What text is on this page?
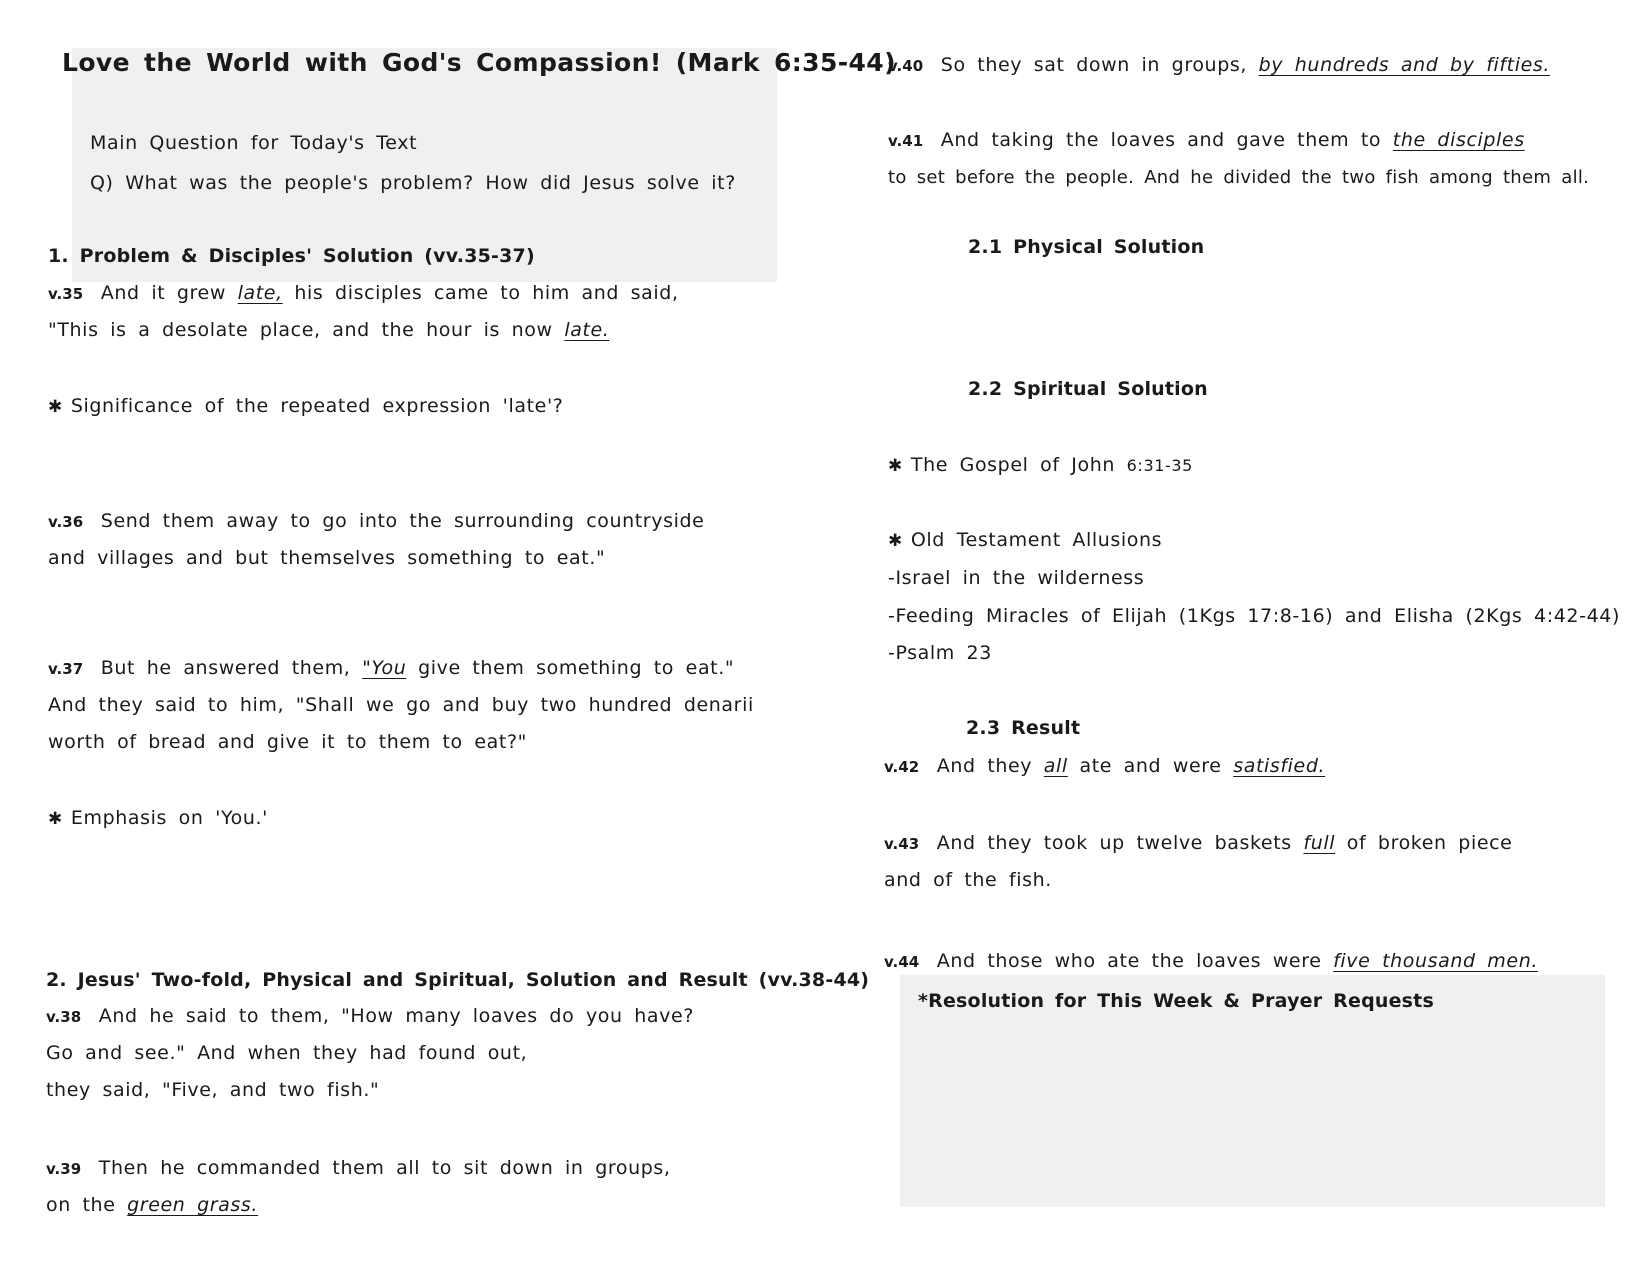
Love the World with God's Compassion! (Mark 6:35-44)
Main Question for Today's Text
Q) What was the people's problem? How did Jesus solve it?
1. Problem & Disciples' Solution (vv.35-37)
v.35 And it grew late, his disciples came to him and said,
"This is a desolate place, and the hour is now late.
✱ Significance of the repeated expression 'late'?
v.36 Send them away to go into the surrounding countryside
and villages and but themselves something to eat."
v.37 But he answered them, "You give them something to eat."
And they said to him, "Shall we go and buy two hundred denarii
worth of bread and give it to them to eat?"
✱ Emphasis on 'You.'
2. Jesus' Two-fold, Physical and Spiritual, Solution and Result (vv.38-44)
v.38 And he said to them, "How many loaves do you have?
Go and see." And when they had found out,
they said, "Five, and two fish."
v.39 Then he commanded them all to sit down in groups,
on the green grass.
v.40 So they sat down in groups, by hundreds and by fifties.
v.41 And taking the loaves and gave them to the disciples
to set before the people. And he divided the two fish among them all.
2.1 Physical Solution
2.2 Spiritual Solution
✱ The Gospel of John 6:31-35
✱ Old Testament Allusions
-Israel in the wilderness
-Feeding Miracles of Elijah (1Kgs 17:8-16) and Elisha (2Kgs 4:42-44)
-Psalm 23
2.3 Result
v.42 And they all ate and were satisfied.
v.43 And they took up twelve baskets full of broken piece
and of the fish.
v.44 And those who ate the loaves were five thousand men.
*Resolution for This Week & Prayer Requests
